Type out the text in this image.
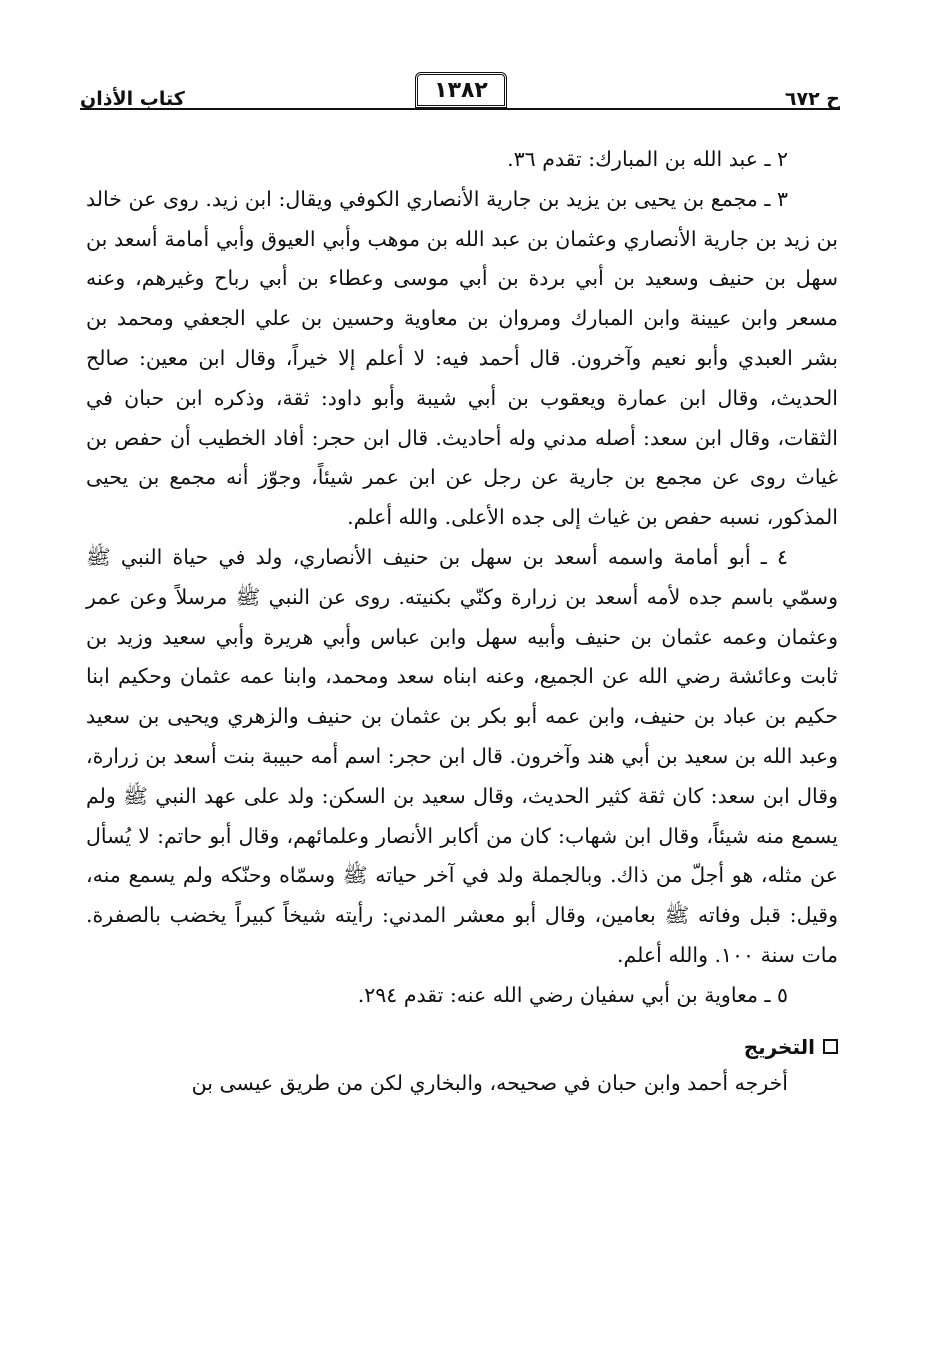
كتاب الأذان	١٣٨٢	ح ٦٧٢

٢ ـ عبد الله بن المبارك: تقدم ٣٦.

٣ ـ مجمع بن يحيى بن يزيد بن جارية الأنصاري الكوفي ويقال: ابن زيد. روى عن خالد بن زيد بن جارية الأنصاري وعثمان بن عبد الله بن موهب وأبي العيوق وأبي أمامة أسعد بن سهل بن حنيف وسعيد بن أبي بردة بن أبي موسى وعطاء بن أبي رباح وغيرهم، وعنه مسعر وابن عيينة وابن المبارك ومروان بن معاوية وحسين بن علي الجعفي ومحمد بن بشر العبدي وأبو نعيم وآخرون. قال أحمد فيه: لا أعلم إلا خيراً، وقال ابن معين: صالح الحديث، وقال ابن عمارة ويعقوب بن أبي شيبة وأبو داود: ثقة، وذكره ابن حبان في الثقات، وقال ابن سعد: أصله مدني وله أحاديث. قال ابن حجر: أفاد الخطيب أن حفص بن غياث روى عن مجمع بن جارية عن رجل عن ابن عمر شيئاً، وجوّز أنه مجمع بن يحيى المذكور، نسبه حفص بن غياث إلى جده الأعلى. والله أعلم.

٤ ـ أبو أمامة واسمه أسعد بن سهل بن حنيف الأنصاري، ولد في حياة النبي ﷺ وسمّي باسم جده لأمه أسعد بن زرارة وكنّي بكنيته. روى عن النبي ﷺ مرسلاً وعن عمر وعثمان وعمه عثمان بن حنيف وأبيه سهل وابن عباس وأبي هريرة وأبي سعيد وزيد بن ثابت وعائشة رضي الله عن الجميع، وعنه ابناه سعد ومحمد، وابنا عمه عثمان وحكيم ابنا حكيم بن عباد بن حنيف، وابن عمه أبو بكر بن عثمان بن حنيف والزهري ويحيى بن سعيد وعبد الله بن سعيد بن أبي هند وآخرون. قال ابن حجر: اسم أمه حبيبة بنت أسعد بن زرارة، وقال ابن سعد: كان ثقة كثير الحديث، وقال سعيد بن السكن: ولد على عهد النبي ﷺ ولم يسمع منه شيئاً، وقال ابن شهاب: كان من أكابر الأنصار وعلمائهم، وقال أبو حاتم: لا يُسأل عن مثله، هو أجلّ من ذاك. وبالجملة ولد في آخر حياته ﷺ وسمّاه وحنّكه ولم يسمع منه، وقيل: قبل وفاته ﷺ بعامين، وقال أبو معشر المدني: رأيته شيخاً كبيراً يخضب بالصفرة. مات سنة ١٠٠. والله أعلم.

٥ ـ معاوية بن أبي سفيان رضي الله عنه: تقدم ٢٩٤.

التخريج

أخرجه أحمد وابن حبان في صحيحه، والبخاري لكن من طريق عيسى بن
